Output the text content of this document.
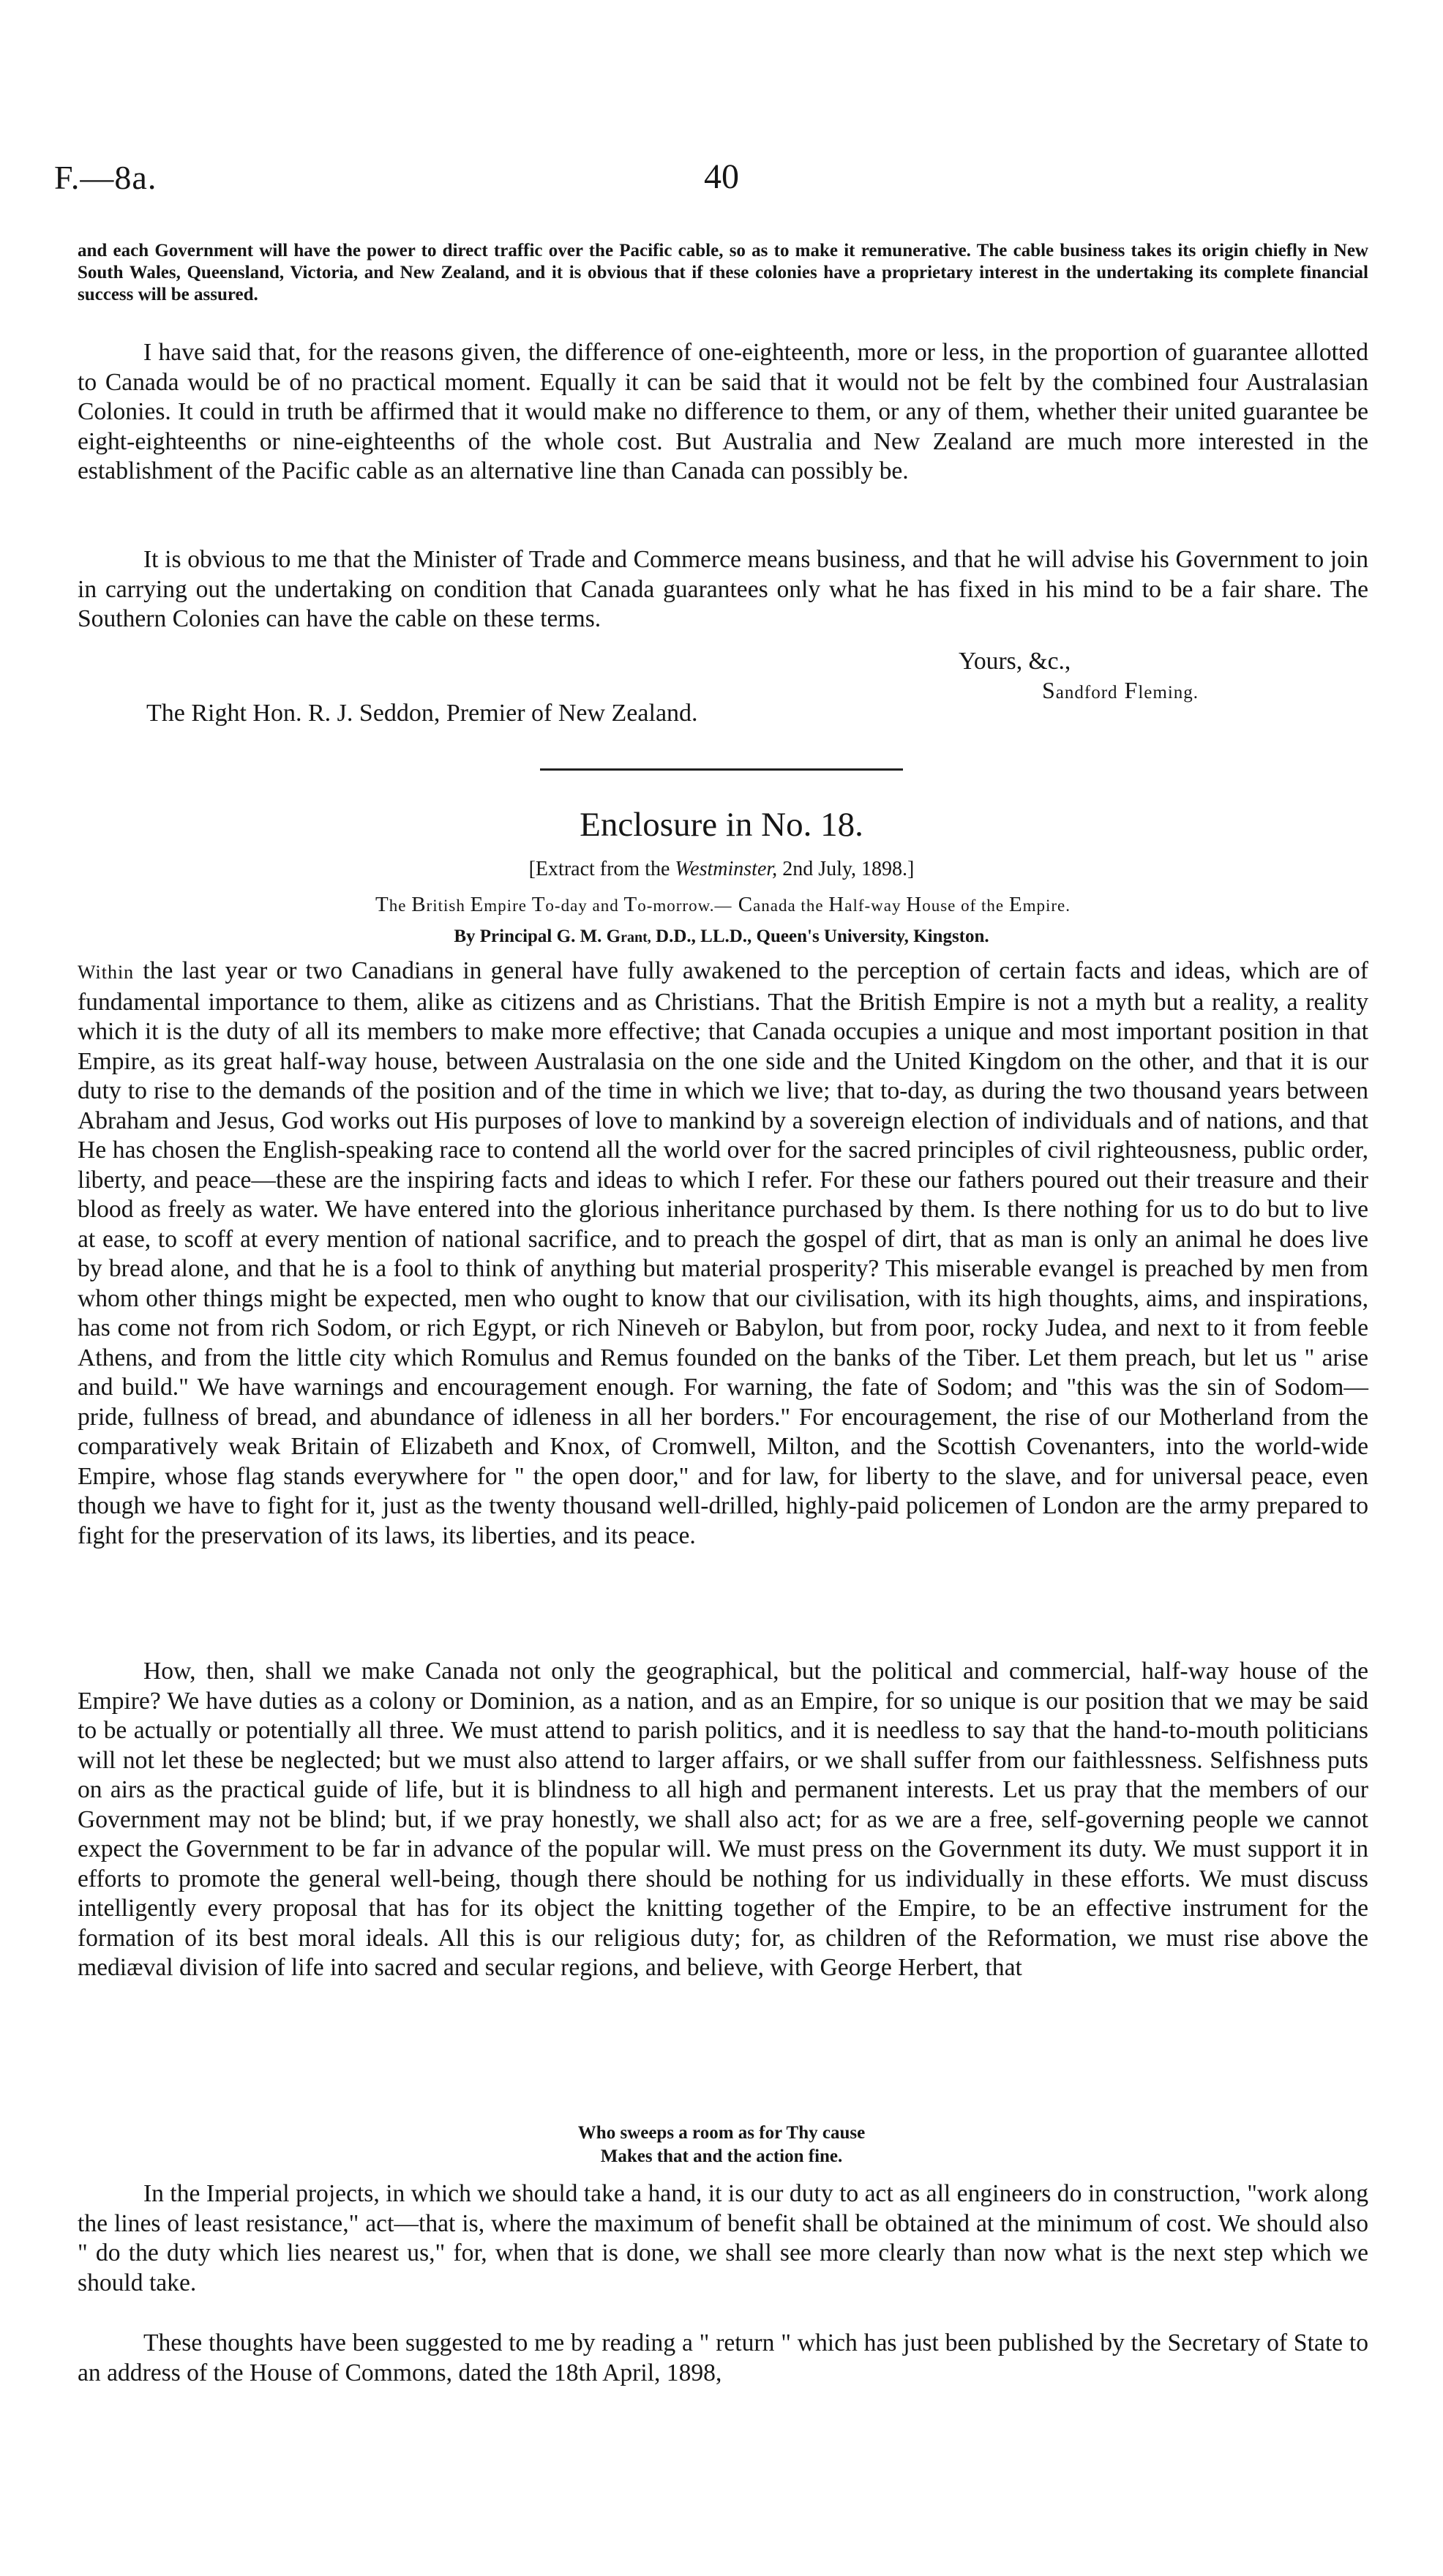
F.—8a.	40
and each Government will have the power to direct traffic over the Pacific cable, so as to make it remunerative. The cable business takes its origin chiefly in New South Wales, Queensland, Victoria, and New Zealand, and it is obvious that if these colonies have a proprietary interest in the undertaking its complete financial success will be assured.

I have said that, for the reasons given, the difference of one-eighteenth, more or less, in the proportion of guarantee allotted to Canada would be of no practical moment. Equally it can be said that it would not be felt by the combined four Australasian Colonies. It could in truth be affirmed that it would make no difference to them, or any of them, whether their united guarantee be eight-eighteenths or nine-eighteenths of the whole cost. But Australia and New Zealand are much more interested in the establishment of the Pacific cable as an alternative line than Canada can possibly be.

It is obvious to me that the Minister of Trade and Commerce means business, and that he will advise his Government to join in carrying out the undertaking on condition that Canada guarantees only what he has fixed in his mind to be a fair share. The Southern Colonies can have the cable on these terms.

Yours, &c.,
Sandford Fleming.
The Right Hon. R. J. Seddon, Premier of New Zealand.
Enclosure in No. 18.
[Extract from the Westminster, 2nd July, 1898.]
The British Empire To-day and To-morrow.— Canada the Half-way House of the Empire.
By Principal G. M. Grant, D.D., LL.D., Queen's University, Kingston.

Within the last year or two Canadians in general have fully awakened to the perception of certain facts and ideas, which are of fundamental importance to them, alike as citizens and as Christians. That the British Empire is not a myth but a reality, a reality which it is the duty of all its members to make more effective; that Canada occupies a unique and most important position in that Empire, as its great half-way house, between Australasia on the one side and the United Kingdom on the other, and that it is our duty to rise to the demands of the position and of the time in which we live; that to-day, as during the two thousand years between Abraham and Jesus, God works out His purposes of love to mankind by a sovereign election of individuals and of nations, and that He has chosen the English-speaking race to contend all the world over for the sacred principles of civil righteousness, public order, liberty, and peace—these are the inspiring facts and ideas to which I refer. For these our fathers poured out their treasure and their blood as freely as water. We have entered into the glorious inheritance purchased by them. Is there nothing for us to do but to live at ease, to scoff at every mention of national sacrifice, and to preach the gospel of dirt, that as man is only an animal he does live by bread alone, and that he is a fool to think of anything but material prosperity? This miserable evangel is preached by men from whom other things might be expected, men who ought to know that our civilisation, with its high thoughts, aims, and inspirations, has come not from rich Sodom, or rich Egypt, or rich Nineveh or Babylon, but from poor, rocky Judea, and next to it from feeble Athens, and from the little city which Romulus and Remus founded on the banks of the Tiber. Let them preach, but let us " arise and build." We have warnings and encouragement enough. For warning, the fate of Sodom; and "this was the sin of Sodom—pride, fullness of bread, and abundance of idleness in all her borders." For encouragement, the rise of our Motherland from the comparatively weak Britain of Elizabeth and Knox, of Cromwell, Milton, and the Scottish Covenanters, into the world-wide Empire, whose flag stands everywhere for " the open door," and for law, for liberty to the slave, and for universal peace, even though we have to fight for it, just as the twenty thousand well-drilled, highly-paid policemen of London are the army prepared to fight for the preservation of its laws, its liberties, and its peace.

How, then, shall we make Canada not only the geographical, but the political and commercial, half-way house of the Empire? We have duties as a colony or Dominion, as a nation, and as an Empire, for so unique is our position that we may be said to be actually or potentially all three. We must attend to parish politics, and it is needless to say that the hand-to-mouth politicians will not let these be neglected; but we must also attend to larger affairs, or we shall suffer from our faithlessness. Selfishness puts on airs as the practical guide of life, but it is blindness to all high and permanent interests. Let us pray that the members of our Government may not be blind; but, if we pray honestly, we shall also act; for as we are a free, self-governing people we cannot expect the Government to be far in advance of the popular will. We must press on the Government its duty. We must support it in efforts to promote the general well-being, though there should be nothing for us individually in these efforts. We must discuss intelligently every proposal that has for its object the knitting together of the Empire, to be an effective instrument for the formation of its best moral ideals. All this is our religious duty; for, as children of the Reformation, we must rise above the mediæval division of life into sacred and secular regions, and believe, with George Herbert, that

Who sweeps a room as for Thy cause
Makes that and the action fine.

In the Imperial projects, in which we should take a hand, it is our duty to act as all engineers do in construction, "work along the lines of least resistance," act—that is, where the maximum of benefit shall be obtained at the minimum of cost. We should also " do the duty which lies nearest us," for, when that is done, we shall see more clearly than now what is the next step which we should take.

These thoughts have been suggested to me by reading a " return " which has just been published by the Secretary of State to an address of the House of Commons, dated the 18th April, 1898,
